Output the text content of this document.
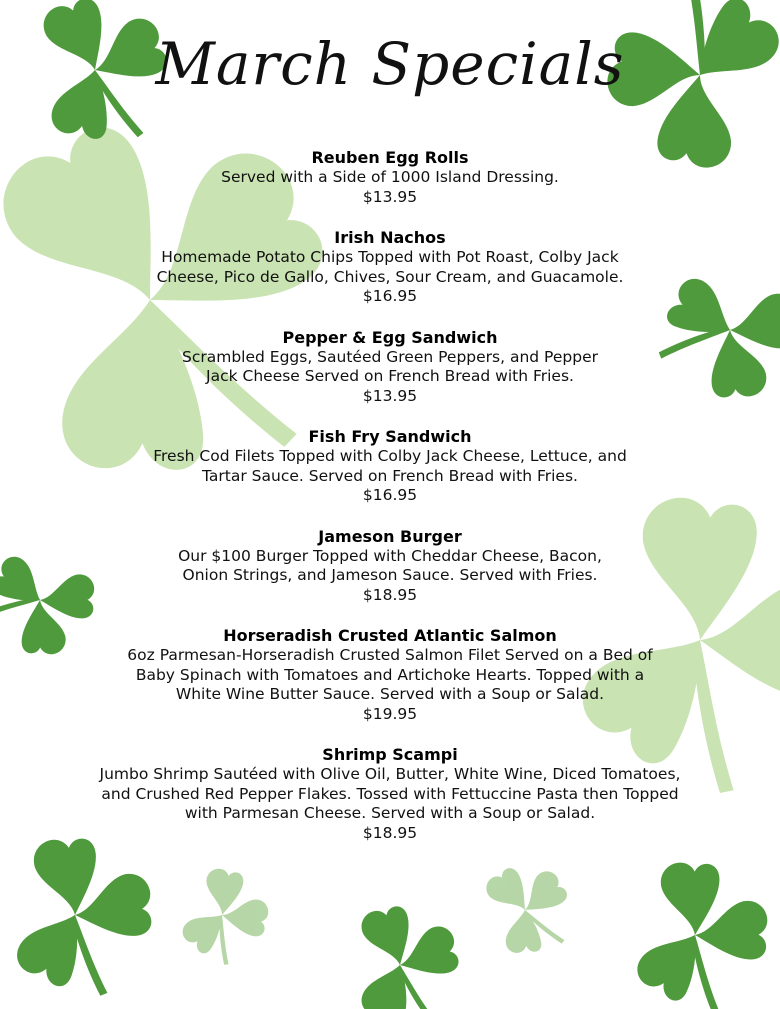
March Specials
Reuben Egg Rolls
Served with a Side of 1000 Island Dressing.
$13.95
Irish Nachos
Homemade Potato Chips Topped with Pot Roast, Colby Jack
Cheese, Pico de Gallo, Chives, Sour Cream, and Guacamole.
$16.95
Pepper & Egg Sandwich
Scrambled Eggs, Sautéed Green Peppers, and Pepper
Jack Cheese Served on French Bread with Fries.
$13.95
Fish Fry Sandwich
Fresh Cod Filets Topped with Colby Jack Cheese, Lettuce, and
Tartar Sauce. Served on French Bread with Fries.
$16.95
Jameson Burger
Our $100 Burger Topped with Cheddar Cheese, Bacon,
Onion Strings, and Jameson Sauce. Served with Fries.
$18.95
Horseradish Crusted Atlantic Salmon
6oz Parmesan-Horseradish Crusted Salmon Filet Served on a Bed of
Baby Spinach with Tomatoes and Artichoke Hearts. Topped with a
White Wine Butter Sauce. Served with a Soup or Salad.
$19.95
Shrimp Scampi
Jumbo Shrimp Sautéed with Olive Oil, Butter, White Wine, Diced Tomatoes,
and Crushed Red Pepper Flakes. Tossed with Fettuccine Pasta then Topped
with Parmesan Cheese. Served with a Soup or Salad.
$18.95
